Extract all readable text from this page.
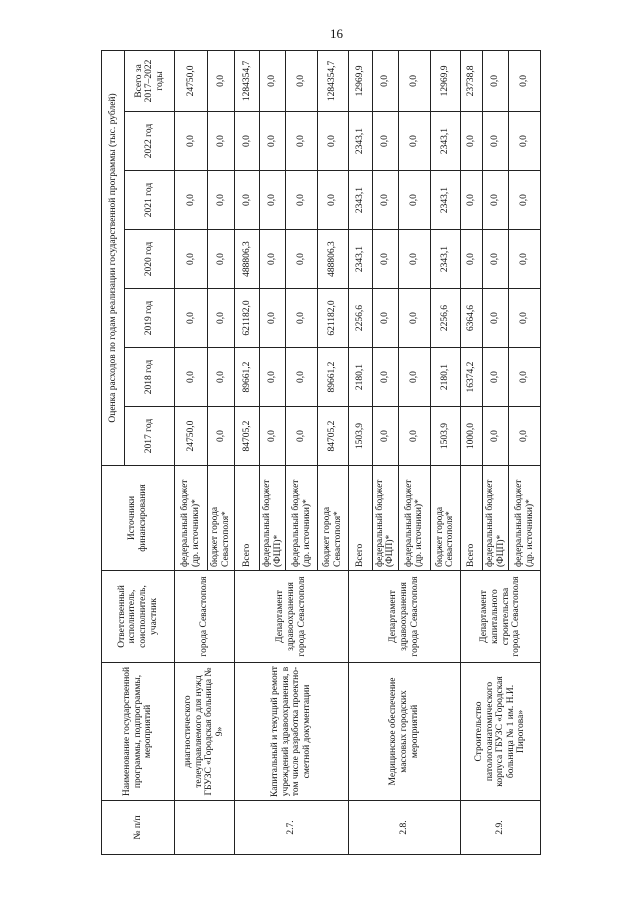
16
№ п/п	Наименование государственной программы, подпрограммы, мероприятий	Ответственный исполнитель, соисполнитель, участник	Источники финансирования	Оценка расходов по годам реализации государственной программы (тыс. рублей)						
				2017 год	2018 год	2019 год	2020 год	2021 год	2022 год	Всего за 2017–2022 годы
	диагностического телеуправляемого для нужд ГБУЗС «Городская больница № 9»	города Севастополя	федеральный бюджет (др. источники)*	24750,0	0,0	0,0	0,0	0,0	0,0	24750,0
			бюджет города Севастополя*	0,0	0,0	0,0	0,0	0,0	0,0	0,0
2.7.	Капитальный и текущий ремонт учреждений здравоохранения, в том числе разработка проектно-сметной документации	Департамент здравоохранения города Севастополя	Всего	84705,2	89661,2	621182,0	488806,3	0,0	0,0	1284354,7
			федеральный бюджет (ФЦП)*	0,0	0,0	0,0	0,0	0,0	0,0	0,0
			федеральный бюджет (др. источники)*	0,0	0,0	0,0	0,0	0,0	0,0	0,0
			бюджет города Севастополя*	84705,2	89661,2	621182,0	488806,3	0,0	0,0	1284354,7
2.8.	Медицинское обеспечение массовых городских мероприятий	Департамент здравоохранения города Севастополя	Всего	1503,9	2180,1	2256,6	2343,1	2343,1	2343,1	12969,9
			федеральный бюджет (ФЦП)*	0,0	0,0	0,0	0,0	0,0	0,0	0,0
			федеральный бюджет (др. источники)*	0,0	0,0	0,0	0,0	0,0	0,0	0,0
			бюджет города Севастополя*	1503,9	2180,1	2256,6	2343,1	2343,1	2343,1	12969,9
2.9.	Строительство патологоанатомического корпуса ГБУЗС «Городская больница № 1 им. Н.И. Пирогова»	Департамент капитального строительства города Севастополя	Всего	1000,0	16374,2	6364,6	0,0	0,0	0,0	23738,8
			федеральный бюджет (ФЦП)*	0,0	0,0	0,0	0,0	0,0	0,0	0,0
			федеральный бюджет (др. источники)*	0,0	0,0	0,0	0,0	0,0	0,0	0,0
